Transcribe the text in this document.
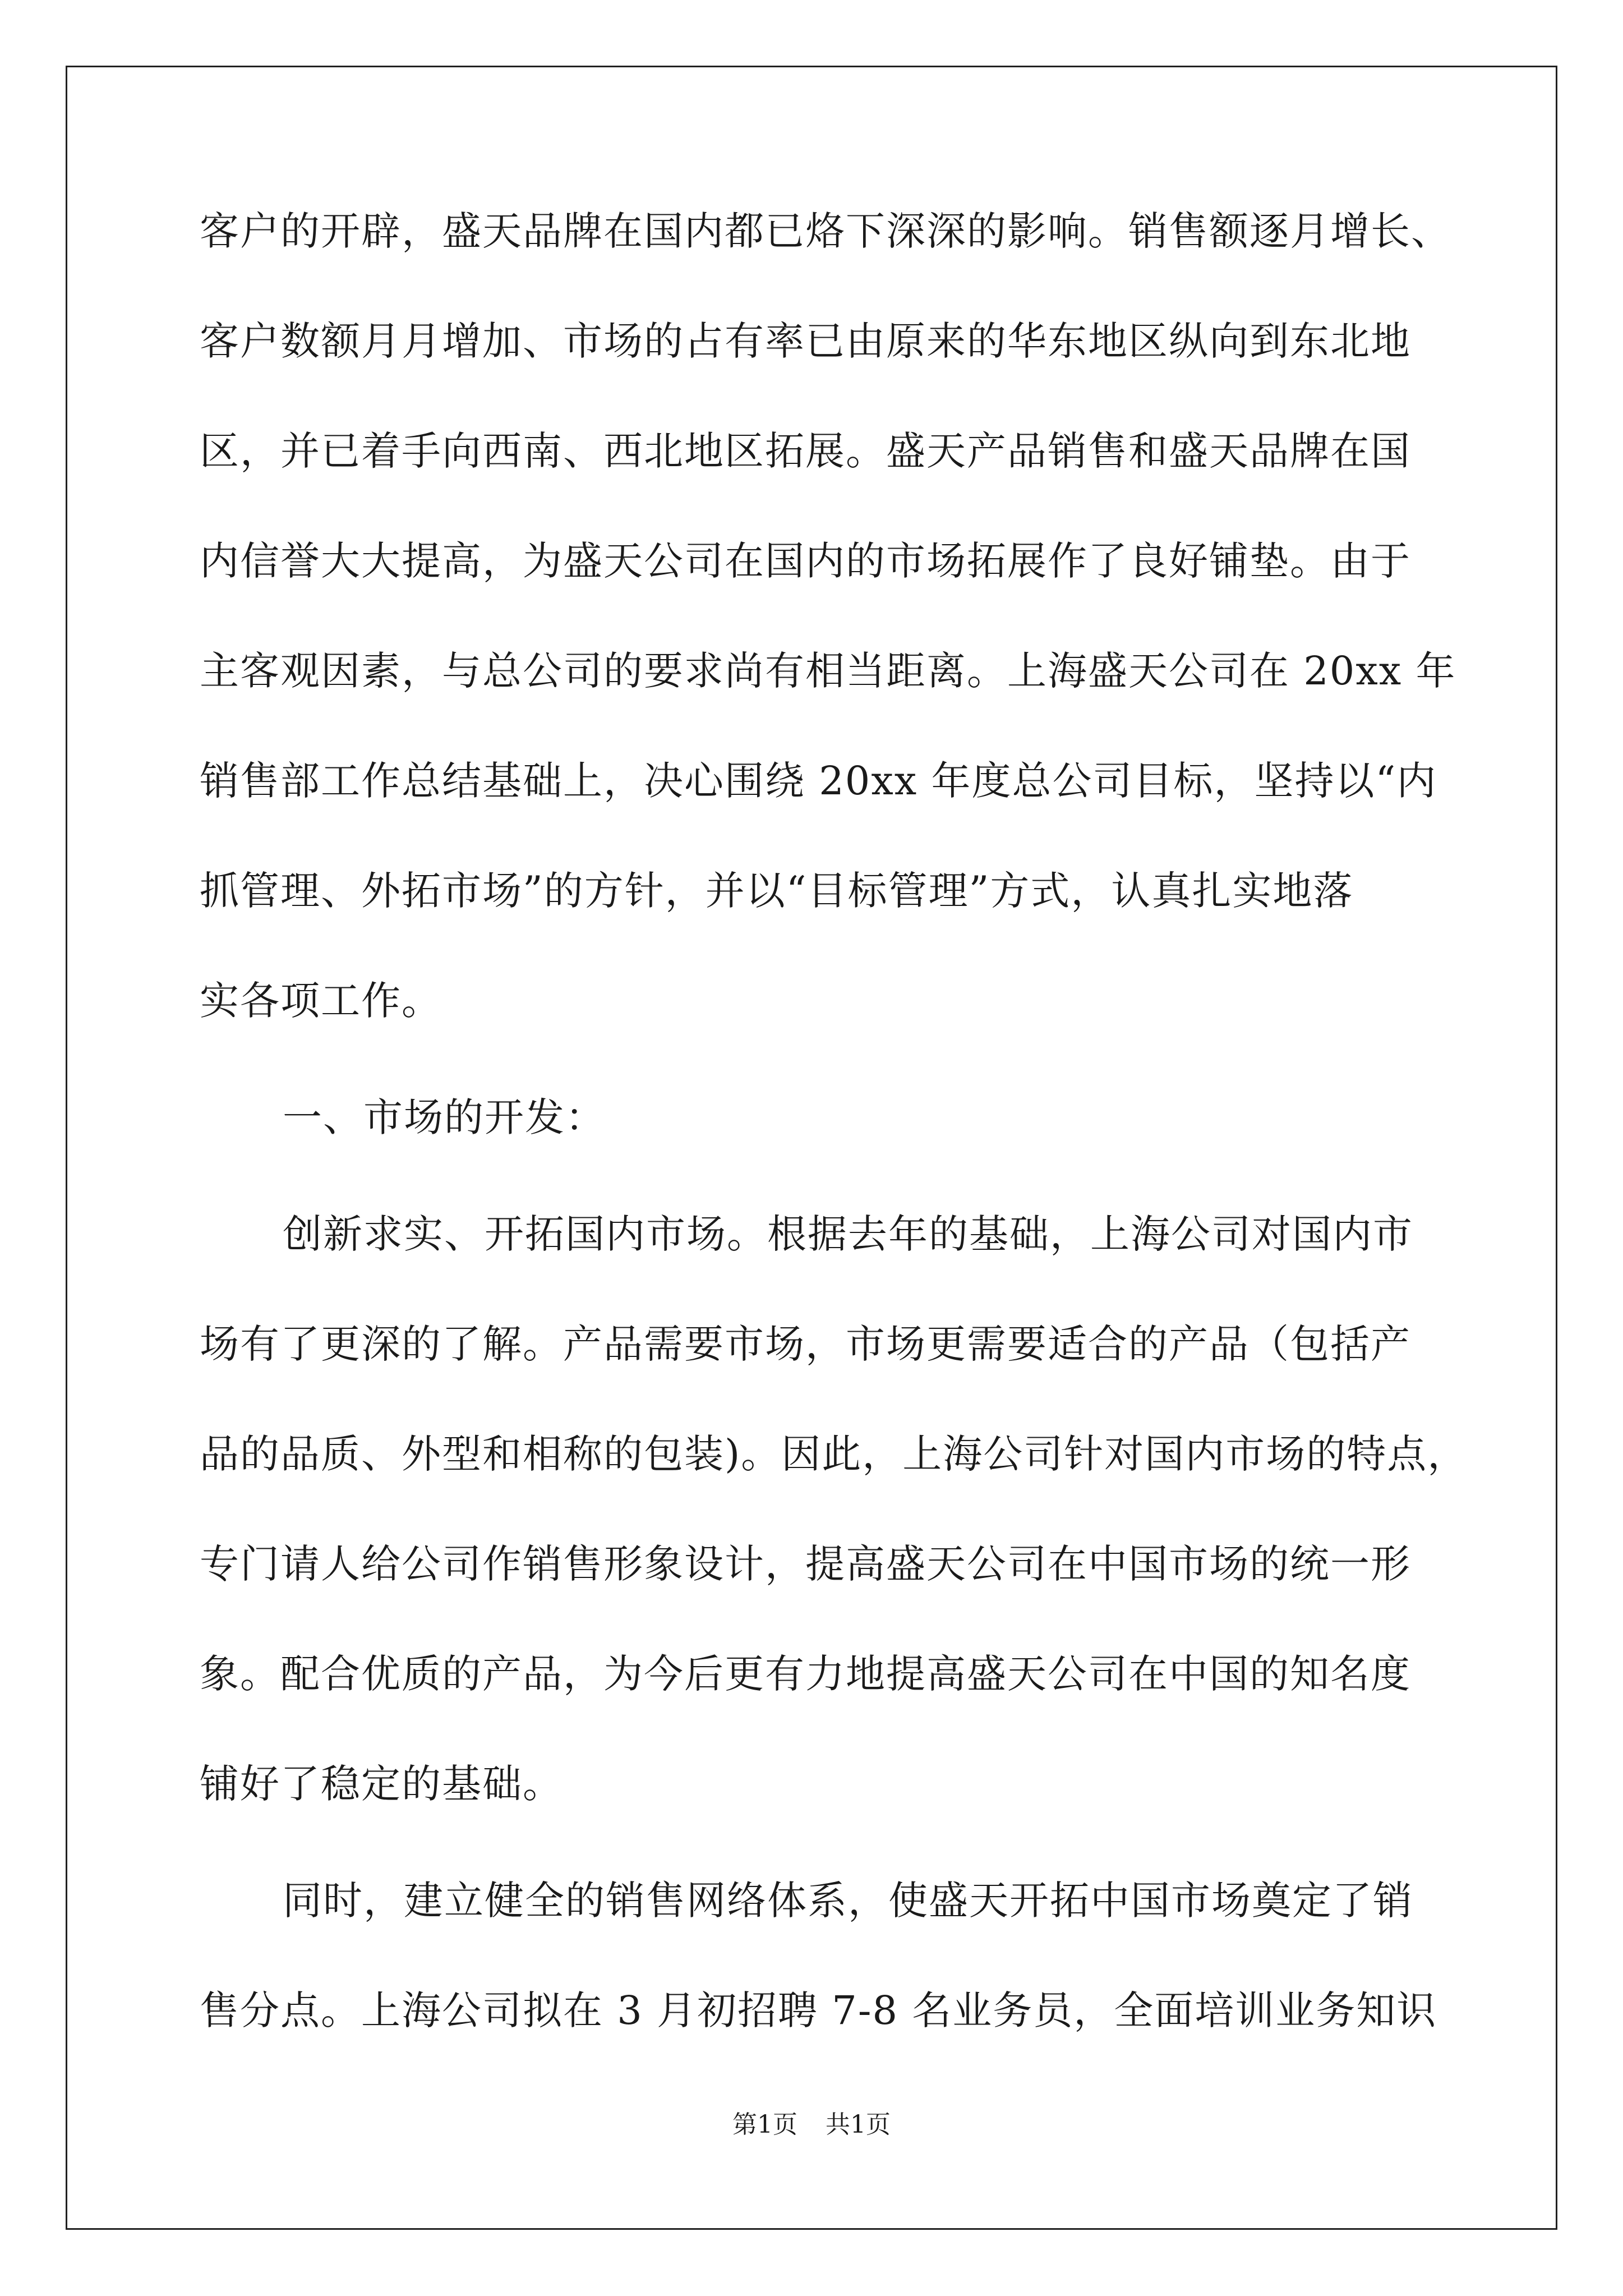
客户的开辟，盛天品牌在国内都已烙下深深的影响。销售额逐月增长、
客户数额月月增加、市场的占有率已由原来的华东地区纵向到东北地
区，并已着手向西南、西北地区拓展。盛天产品销售和盛天品牌在国
内信誉大大提高，为盛天公司在国内的市场拓展作了良好铺垫。由于
主客观因素，与总公司的要求尚有相当距离。上海盛天公司在 20xx 年
销售部工作总结基础上，决心围绕 20xx 年度总公司目标，坚持以“内
抓管理、外拓市场”的方针，并以“目标管理”方式，认真扎实地落
实各项工作。
一、市场的开发：
创新求实、开拓国内市场。根据去年的基础，上海公司对国内市
场有了更深的了解。产品需要市场，市场更需要适合的产品（包括产
品的品质、外型和相称的包装)。因此，上海公司针对国内市场的特点，
专门请人给公司作销售形象设计，提高盛天公司在中国市场的统一形
象。配合优质的产品，为今后更有力地提高盛天公司在中国的知名度
铺好了稳定的基础。
同时，建立健全的销售网络体系，使盛天开拓中国市场奠定了销
售分点。上海公司拟在 3 月初招聘 7-8 名业务员，全面培训业务知识
第1页 共1页
